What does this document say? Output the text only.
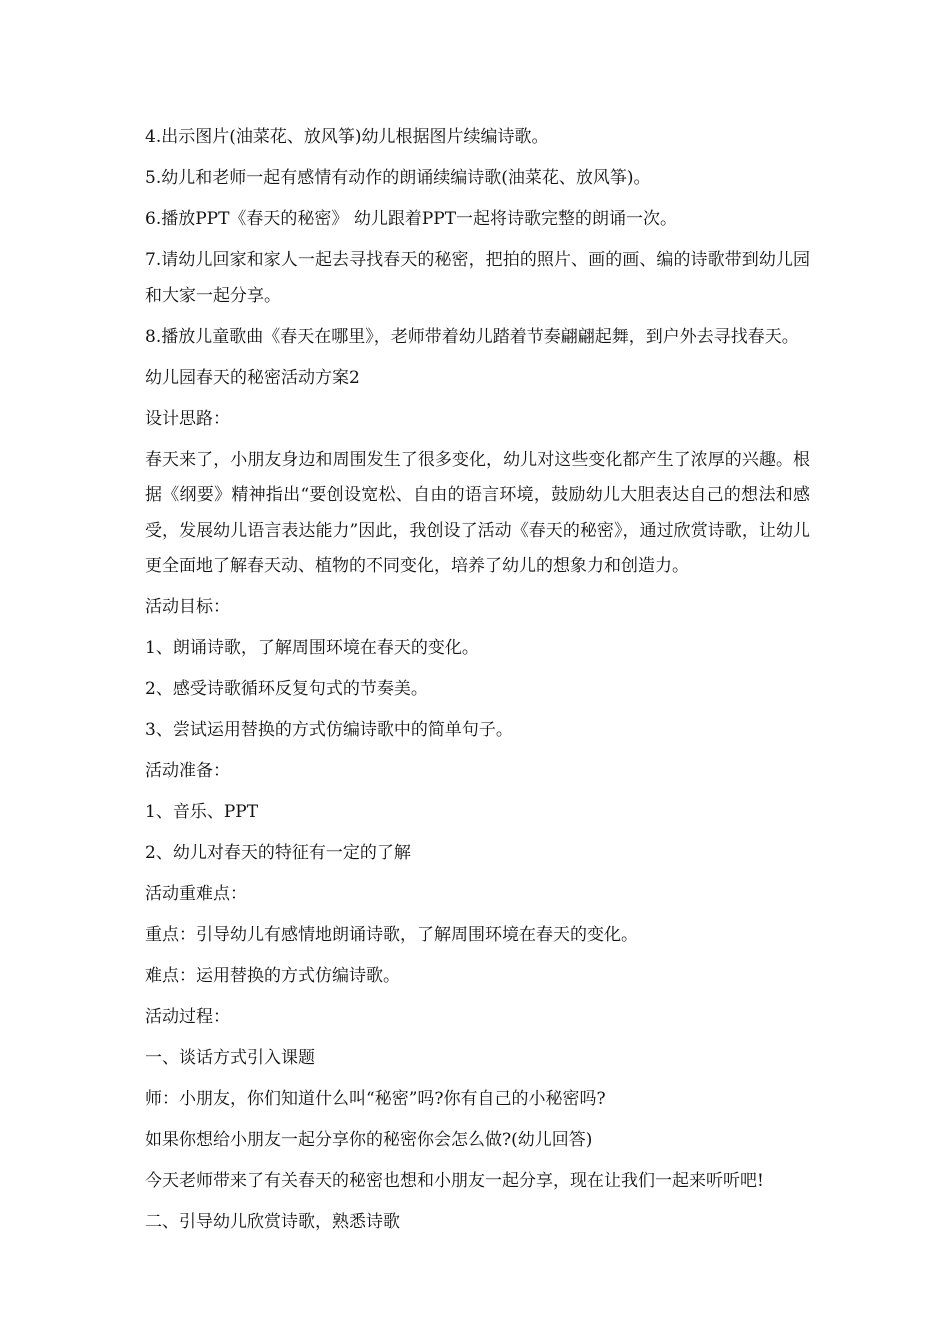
4.出示图片(油菜花、放风筝)幼儿根据图片续编诗歌。

5.幼儿和老师一起有感情有动作的朗诵续编诗歌(油菜花、放风筝)。

6.播放PPT《春天的秘密》 幼儿跟着PPT一起将诗歌完整的朗诵一次。

7.请幼儿回家和家人一起去寻找春天的秘密，把拍的照片、画的画、编的诗歌带到幼儿园和大家一起分享。

8.播放儿童歌曲《春天在哪里》，老师带着幼儿踏着节奏翩翩起舞，到户外去寻找春天。

幼儿园春天的秘密活动方案2

设计思路：

春天来了，小朋友身边和周围发生了很多变化，幼儿对这些变化都产生了浓厚的兴趣。根据《纲要》精神指出“要创设宽松、自由的语言环境，鼓励幼儿大胆表达自己的想法和感受，发展幼儿语言表达能力”因此，我创设了活动《春天的秘密》，通过欣赏诗歌，让幼儿更全面地了解春天动、植物的不同变化，培养了幼儿的想象力和创造力。

活动目标：

1、朗诵诗歌，了解周围环境在春天的变化。

2、感受诗歌循环反复句式的节奏美。

3、尝试运用替换的方式仿编诗歌中的简单句子。

活动准备：

1、音乐、PPT

2、幼儿对春天的特征有一定的了解

活动重难点：

重点：引导幼儿有感情地朗诵诗歌，了解周围环境在春天的变化。

难点：运用替换的方式仿编诗歌。

活动过程：

一、谈话方式引入课题

师：小朋友，你们知道什么叫“秘密”吗?你有自己的小秘密吗?

如果你想给小朋友一起分享你的秘密你会怎么做?(幼儿回答)

今天老师带来了有关春天的秘密也想和小朋友一起分享，现在让我们一起来听听吧!

二、引导幼儿欣赏诗歌，熟悉诗歌
